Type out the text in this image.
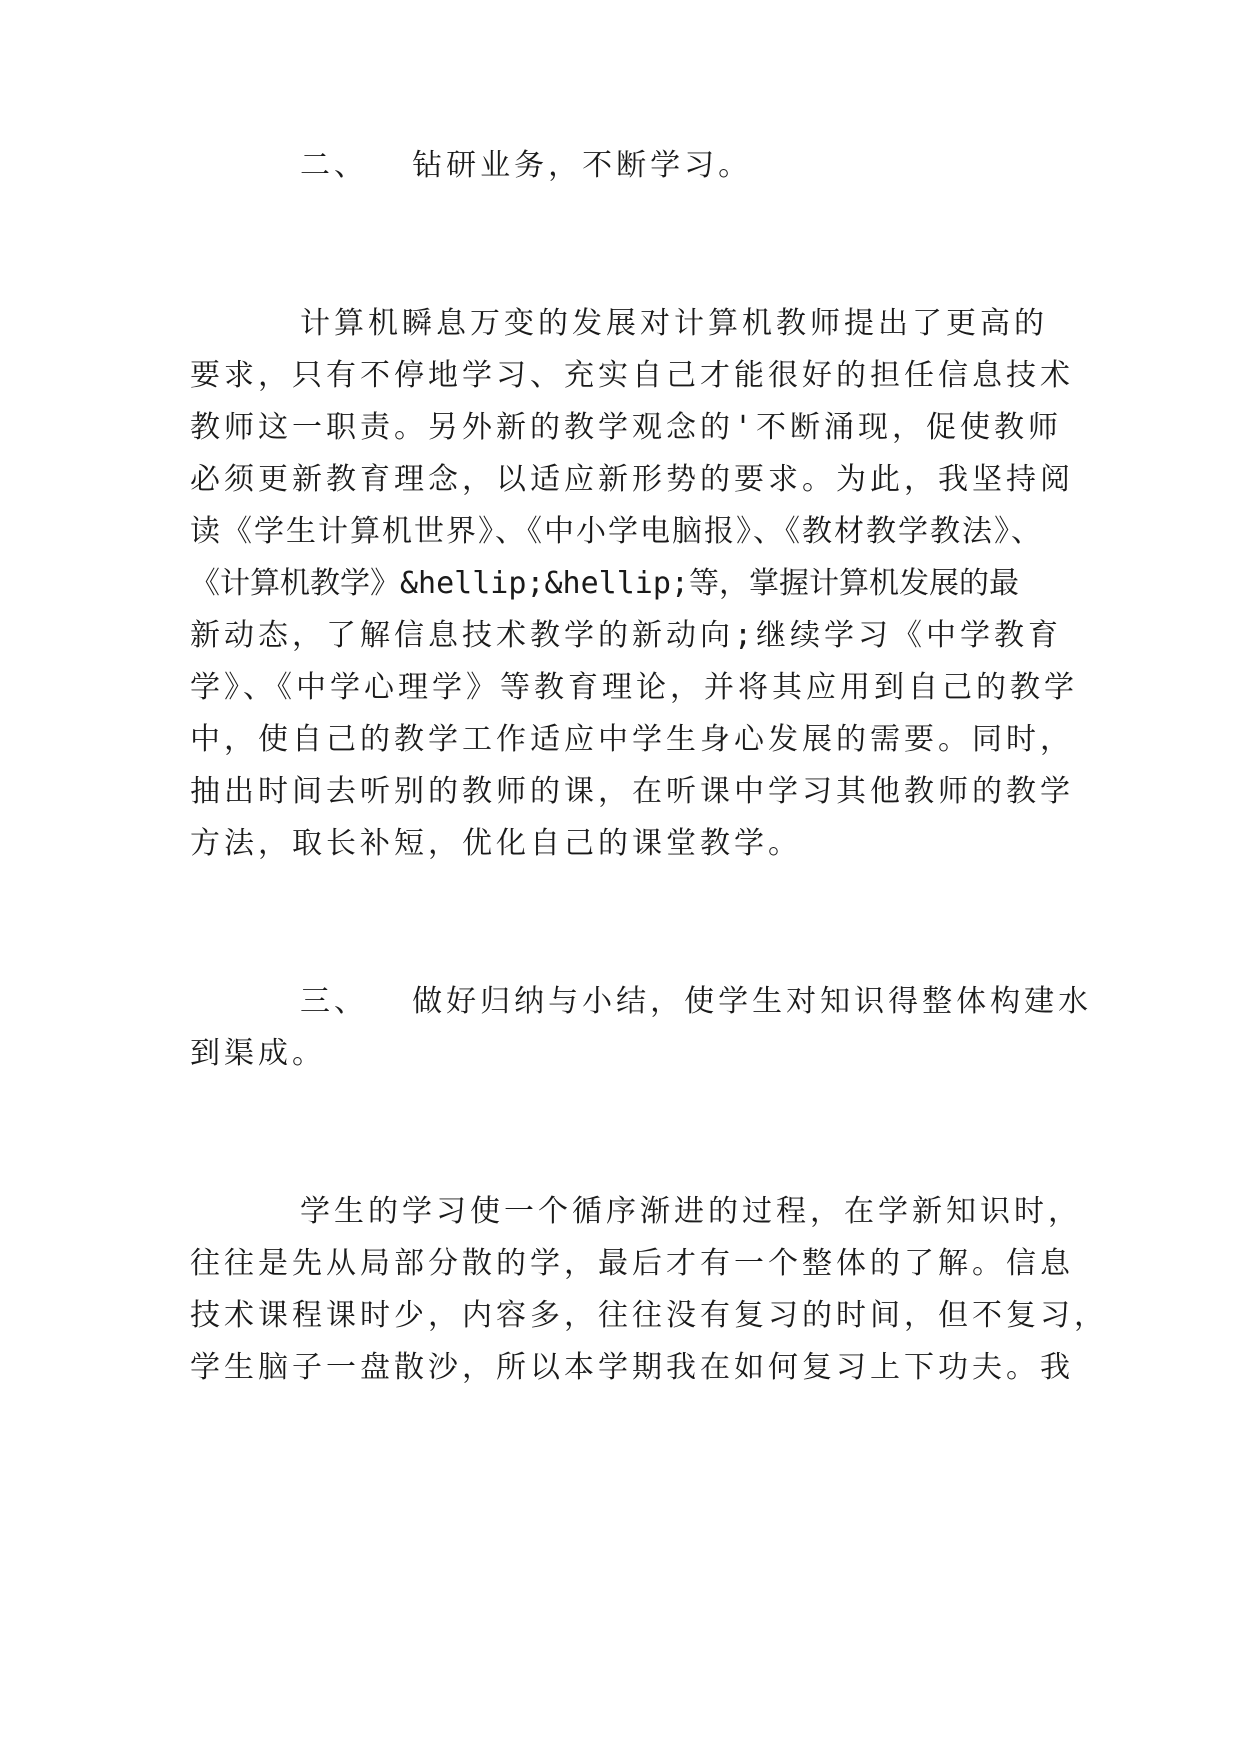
二、  钻研业务，不断学习。
计算机瞬息万变的发展对计算机教师提出了更高的
要求，只有不停地学习、充实自己才能很好的担任信息技术
教师这一职责。另外新的教学观念的'不断涌现，促使教师
必须更新教育理念，以适应新形势的要求。为此，我坚持阅
读《学生计算机世界》、《中小学电脑报》、《教材教学教法》、
《计算机教学》&hellip;&hellip;等，掌握计算机发展的最
新动态，了解信息技术教学的新动向;继续学习《中学教育
学》、《中学心理学》等教育理论，并将其应用到自己的教学
中，使自己的教学工作适应中学生身心发展的需要。同时，
抽出时间去听别的教师的课，在听课中学习其他教师的教学
方法，取长补短，优化自己的课堂教学。
三、  做好归纳与小结，使学生对知识得整体构建水
到渠成。
学生的学习使一个循序渐进的过程，在学新知识时，
往往是先从局部分散的学，最后才有一个整体的了解。信息
技术课程课时少，内容多，往往没有复习的时间，但不复习，
学生脑子一盘散沙，所以本学期我在如何复习上下功夫。我
